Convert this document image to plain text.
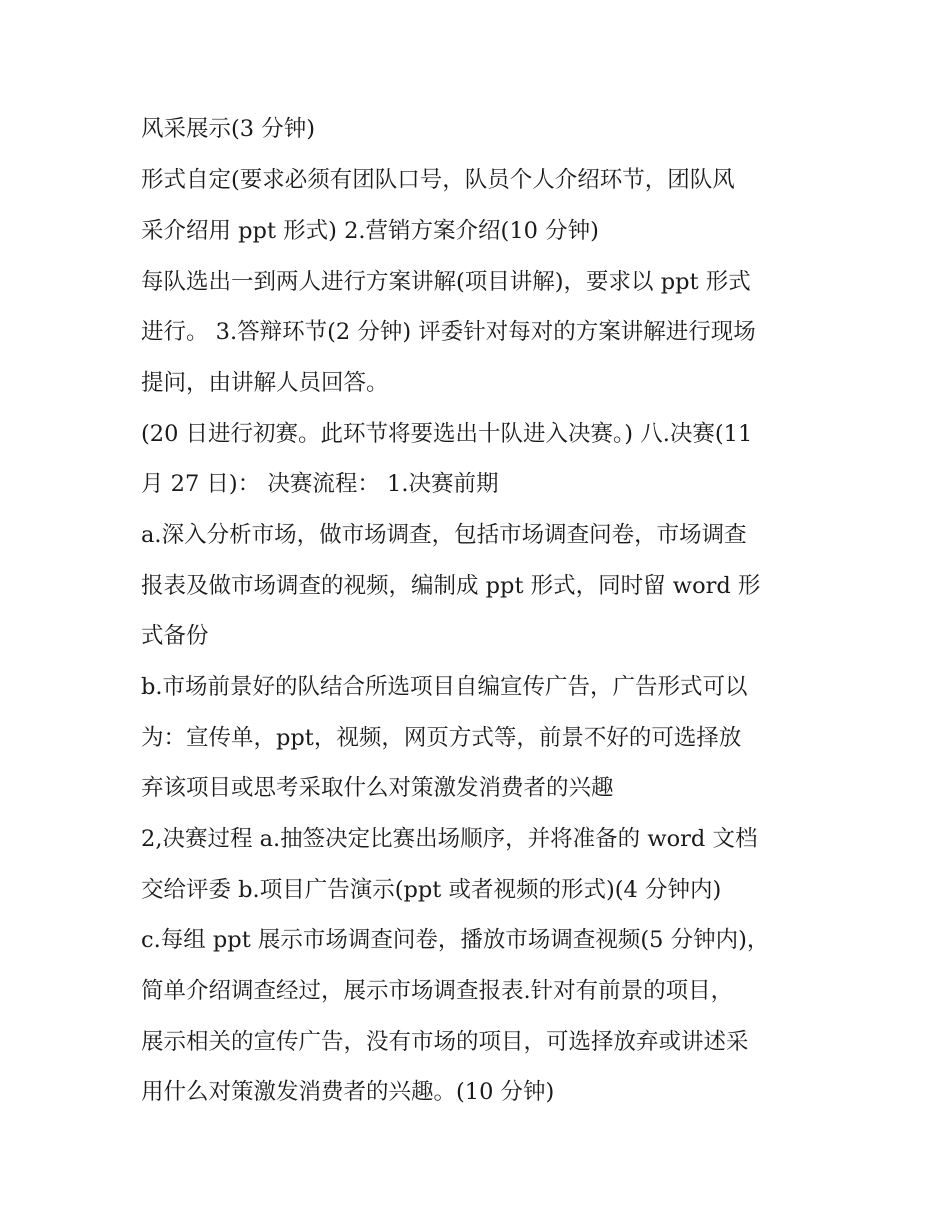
风采展示(3 分钟)

形式自定(要求必须有团队口号，队员个人介绍环节，团队风

采介绍用 ppt 形式) 2.营销方案介绍(10 分钟)

每队选出一到两人进行方案讲解(项目讲解)，要求以 ppt 形式

进行。 3.答辩环节(2 分钟) 评委针对每对的方案讲解进行现场

提问，由讲解人员回答。

(20 日进行初赛。此环节将要选出十队进入决赛。) 八.决赛(11

月 27 日)： 决赛流程： 1.决赛前期

a.深入分析市场，做市场调查，包括市场调查问卷，市场调查

报表及做市场调查的视频，编制成 ppt 形式，同时留 word 形

式备份

b.市场前景好的队结合所选项目自编宣传广告，广告形式可以

为：宣传单，ppt，视频，网页方式等，前景不好的可选择放

弃该项目或思考采取什么对策激发消费者的兴趣

2,决赛过程 a.抽签决定比赛出场顺序，并将准备的 word 文档

交给评委 b.项目广告演示(ppt 或者视频的形式)(4 分钟内)

c.每组 ppt 展示市场调查问卷，播放市场调查视频(5 分钟内)，

简单介绍调查经过，展示市场调查报表.针对有前景的项目，

展示相关的宣传广告，没有市场的项目，可选择放弃或讲述采

用什么对策激发消费者的兴趣。(10 分钟)
